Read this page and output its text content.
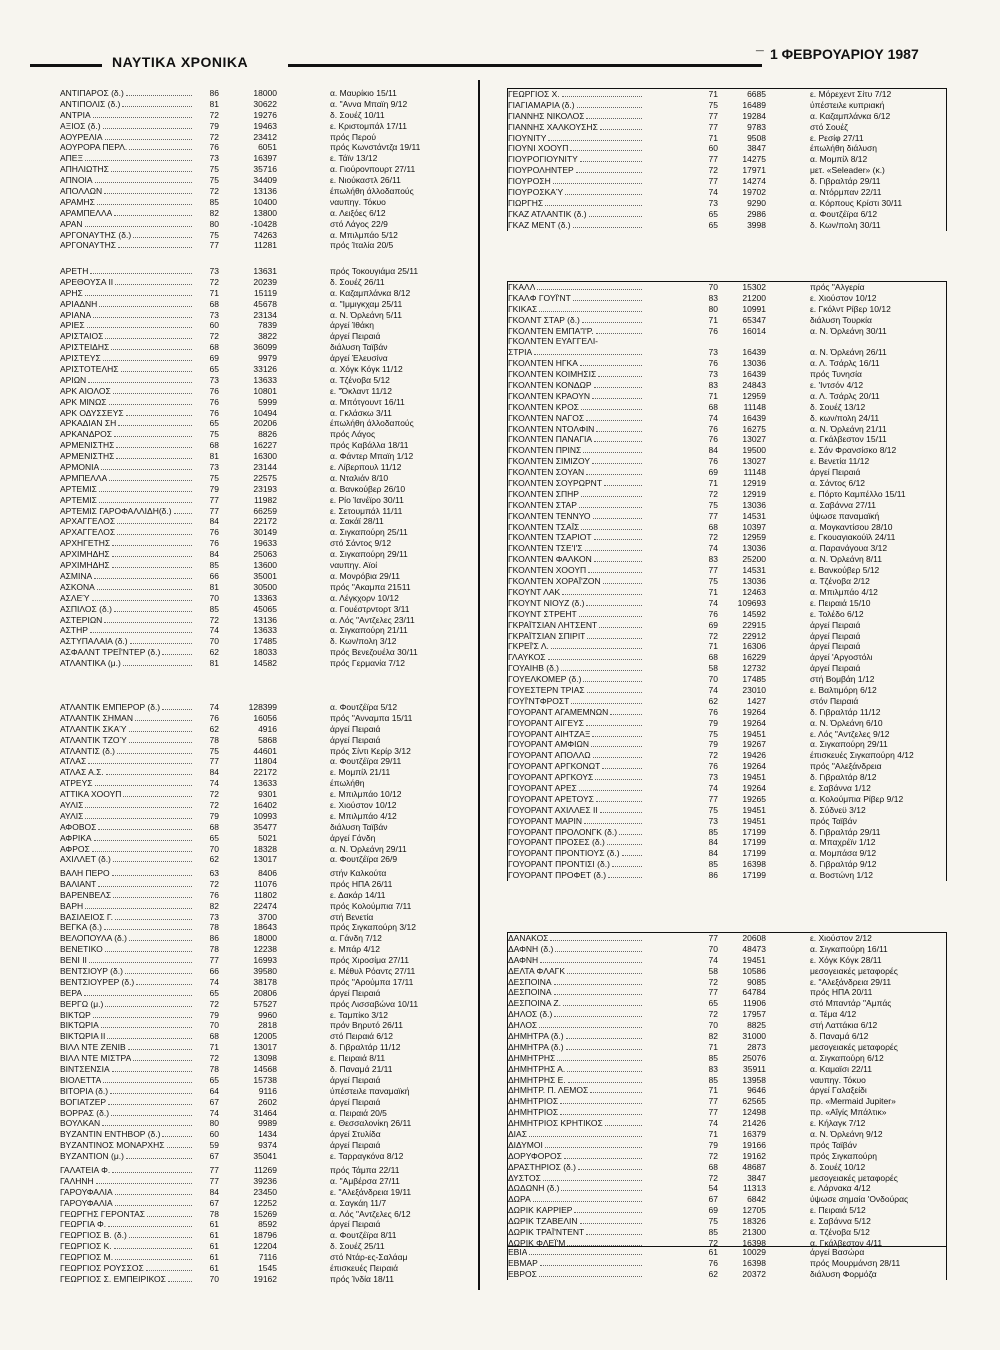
ΝΑΥΤΙΚΑ ΧΡΟΝΙΚΑ	¯ 1 ΦΕΒΡΟΥΑΡΙΟΥ 1987
ΑΝΤΙΠΑΡΟΣ (δ.)	86	18000	α. Μαυρίκιο 15/11
ΑΝΤΙΠΟΛΙΣ (δ.)	81	30622	α. "Αννα Μπαϊη 9/12
ΑΝΤΡΙΑ	72	19276	δ. Σουέζ 10/11
ΑΞΙΟΣ (δ.)	79	19463	ε. Κριστομπάλ 17/11
ΑΟΥΡΕΛΙΑ	72	23412	πρός Περού
ΑΟΥΡΟΡΑ ΠΕΡΛ.	76	6051	πρός Κωνστάντζα 19/11
ΑΠΕΞ	73	16397	ε. Τάϊν 13/12
ΑΠΗΛΙΩΤΗΣ	75	35716	α. Γιούρονπουρτ 27/11
ΑΠΝΟΙΑ	75	34409	ε. Νιούκαστλ 26/11
ΑΠΟΛΛΩΝ	72	13136	έπωλήθη άλλοδαπούς
ΑΡΑΜΗΣ	85	10400	ναυπηγ. Τόκυο
ΑΡΑΜΠΕΛΛΑ	82	13800	α. Λειξόες 6/12
ΑΡΑΝ	80	-10428	στό Λάγος 22/9
ΑΡΓΟΝΑΥΤΗΣ (δ.)	75	74263	α. Μπιλμπάο 5/12
ΑΡΓΟΝΑΥΤΗΣ	77	11281	πρός Ίταλία 20/5
ΑΡΕΤΗ	73	13631	πρός Τοκουγιάμα 25/11
ΑΡΕΘΟΥΣΑ ΙΙ	72	20239	δ. Σουέζ 26/11
ΑΡΗΣ	71	15119	α. Καζαμπλάνκα 8/12
ΑΡΙΑΔΝΗ	68	45678	α. "Ιμμιγκχαμ 25/11
ΑΡΙΑΝΑ	73	23134	α. Ν. Όρλεάνη 5/11
ΑΡΙΕΣ	60	7839	άργεί Ίθάκη
ΑΡΙΣΤΑΙΟΣ	72	3822	άργεί Πειραιά
ΑΡΙΣΤΕΙΔΗΣ	68	36099	διάλυση Ταϊβάν
ΑΡΙΣΤΕΥΣ	69	9979	άργεί Έλευσίνα
ΑΡΙΣΤΟΤΕΛΗΣ	65	33126	α. Χόγκ Κόγκ 11/12
ΑΡΙΩΝ	73	13633	α. Τζένοβα 5/12
ΑΡΚ ΑΙΟΛΟΣ	76	10801	ε. "Όκλαντ 11/12
ΑΡΚ ΜΙΝΩΣ	76	5999	α. Μπότγουντ 16/11
ΑΡΚ ΟΔΥΣΣΕΥΣ	76	10494	α. Γκλάσκω 3/11
ΑΡΚΑΔΙΑΝ ΣΗ	65	20206	έπωλήθη άλλοδαπούς
ΑΡΚΑΝΔΡΟΣ	75	8826	πρός Λάγος
ΑΡΜΕΝΙΣΤΗΣ	68	16227	πρός Καβάλλα 18/11
ΑΡΜΕΝΙΣΤΗΣ	81	16300	α. Φάντερ Μπαϊη 1/12
ΑΡΜΟΝΙΑ	73	23144	ε. Λίβερπουλ 11/12
ΑΡΜΠΕΛΛΑ	75	22575	α. Νταλιάν 8/10
ΑΡΤΕΜΙΣ	79	23193	α. Βανκούβερ 26/10
ΑΡΤΕΜΙΣ	77	11982	ε. Ρίο Ίανέϊρο 30/11
ΑΡΤΕΜΙΣ ΓΑΡΟΦΑΛΛΙΔΗ(δ.)	77	66259	ε. Σετουμπάλ 11/11
ΑΡΧΑΓΓΕΛΟΣ	84	22172	α. Σακάϊ 28/11
ΑΡΧΑΓΓΕΛΟΣ	76	30149	α. Σιγκαπούρη 25/11
ΑΡΧΗΓΕΤΗΣ	76	19633	στό Σάντος 9/12
ΑΡΧΙΜΗΔΗΣ	84	25063	α. Σιγκαπούρη 29/11
ΑΡΧΙΜΗΔΗΣ	85	13600	ναυπηγ. Αϊοί
ΑΣΜΙΝΑ	66	35001	α. Μονρόβια 29/11
ΑΣΚΟΝΑ	81	30500	πρός "Ακαμπα 21511
ΑΣΛΕΎ	70	13363	α. Λέγκχορν 10/12
ΑΣΠΙΛΟΣ (δ.)	85	45065	α. Γουέστρντορτ 3/11
ΑΣΤΕΡΙΩΝ	72	13136	α. Λός "Αντζελες 23/11
ΑΣΤΗΡ	74	13633	α. Σιγκαπούρη 21/11
ΑΣΤΥΠΑΛΑΙΑ (δ.)	70	17485	δ. Κων/πολη 3/12
ΑΣΦΑΛΝΤ ΤΡΕΪ'ΝΤΕΡ (δ.)	62	18033	πρός Βενεζουέλα 30/11
ΑΤΛΑΝΤΙΚΑ (μ.)	81	14582	πρός Γερμανία 7/12
ΑΤΛΑΝΤΙΚ ΕΜΠΕΡΟΡ (δ.)	74	128399	α. Φουτζέϊρα 5/12
ΑΤΛΑΝΤΙΚ ΣΗΜΑΝ	76	16056	πρός "Ανναμπα 15/11
ΑΤΛΑΝΤΙΚ ΣΚΑΎ	62	4916	άργεί Πειραιά
ΑΤΛΑΝΤΙΚ ΤΖΟΎ	78	5868	άργεί Πειραιά
ΑΤΛΑΝΤΙΣ (δ.)	75	44601	πρός Σίντι Κερίρ 3/12
ΑΤΛΑΣ	77	11804	α. Φουτζέϊρα 29/11
ΑΤΛΑΣ Α.Σ.	84	22172	ε. Μομπίλ 21/11
ΑΤΡΕΥΣ	74	13633	έπωλήθη
ΑΤΤΙΚΑ ΧΟΟΥΠ	72	9301	ε. Μπιλμπάο 10/12
ΑΥΛΙΣ	72	16402	ε. Χιούστον 10/12
ΑΥΛΙΣ	79	10993	ε. Μπιλμπάο 4/12
ΑΦΟΒΟΣ	68	35477	διάλυση Ταϊβάν
ΑΦΡΙΚΑ	65	5021	άργεί Γάνδη
ΑΦΡΟΣ	70	18328	α. Ν. Όρλεάνη 29/11
ΑΧΙΛΛΕΤ (δ.)	62	13017	α. Φουτζέϊρα 26/9
ΒΑΛΗ ΠΕΡΟ	63	8406	στήν Καλκούτα
ΒΑΛΙΑΝΤ	72	11076	πρός ΗΠΑ 26/11
ΒΑΡΕΝΒΕΛΣ	76	11802	ε. Δακάρ 14/11
ΒΑΡΗ	82	22474	πρός Κολούμπια 7/11
ΒΑΣΙΛΕΙΟΣ Γ.	73	3700	στή Βενετία
ΒΕΓΚΑ (δ.)	78	18643	πρός Σιγκαπούρη 3/12
ΒΕΛΟΠΟΥΛΑ (δ.)	86	18000	α. Γάνδη 7/12
ΒΕΝΕΤΙΚΟ	78	12238	ε. Μπάρ 4/12
ΒΕΝΙ ΙΙ	77	16993	πρός Χιροσίμα 27/11
ΒΕΝΤΣΙΟΥΡ (δ.)	66	39580	ε. Μέθυλ Ρόαντς 27/11
ΒΕΝΤΣΙΟΥΡΕΡ (δ.)	74	38178	πρός "Αρούμπα 17/11
ΒΕΡΑ	65	20806	άργεί Πειραιά
ΒΕΡΓΩ (μ.)	72	57527	πρός Λισσαβώνα 10/11
ΒΙΚΤΩΡ	79	9960	ε. Ταμπίκο 3/12
ΒΙΚΤΩΡΙΑ	70	2818	πρόν Βηρυτό 26/11
ΒΙΚΤΩΡΙΑ ΙΙ	68	12005	στό Πειραιά 6/12
ΒΙΛΛ ΝΤΕ ΖΕΝΙΒ	71	13017	δ. Γιβραλτάρ 11/12
ΒΙΛΛ ΝΤΕ ΜΙΣΤΡΑ	72	13098	ε. Πειραιά 8/11
ΒΙΝΤΣΕΝΣΙΑ	78	14568	δ. Παναμά 21/11
ΒΙΟΛΕΤΤΑ	65	15738	άργεί Πειραιά
ΒΙΤΟΡΙΑ (δ.)	64	9116	ύπέστειλε παναμαϊκή
ΒΟΓΙΑΤΖΕΡ	67	2602	άργεί Πειραιά
ΒΟΡΡΑΣ (δ.)	74	31464	α. Πειραιά 20/5
ΒΟΥΛΚΑΝ	80	9989	ε. Θεσσαλονίκη 26/11
ΒΥΖΑΝΤΙΝ ΕΝΤΗΒΟΡ (δ.)	60	1434	άργεί Στυλίδα
ΒΥΖΑΝΤΙΝΟΣ ΜΟΝΑΡΧΗΣ	59	9374	άργεί Πειραιά
ΒΥΖΑΝΤΙΟΝ (μ.)	67	35041	ε. Ταρραγκόνα 8/12
ΓΑΛΑΤΕΙΑ Φ.	77	11269	πρός Τάμπα 22/11
ΓΑΛΗΝΗ	77	39236	α. "Αμβέρσα 27/11
ΓΑΡΟΥΦΑΛΙΑ	84	23450	ε. "Αλεξάνδρεια 19/11
ΓΑΡΟΥΦΑΛΙΑ	67	12252	α. Σαγκάη 11/7
ΓΕΩΡΓΗΣ ΓΕΡΟΝΤΑΣ	78	15269	α. Λός "Αντζελες 6/12
ΓΕΩΡΓΙΑ Φ.	61	8592	άργεί Πειραιά
ΓΕΩΡΓΙΟΣ Β. (δ.)	61	18796	α. Φουτζέϊρα 8/11
ΓΕΩΡΓΙΟΣ Κ.	61	12204	δ. Σουέζ 25/11
ΓΕΩΡΓΙΟΣ Μ.	61	7116	στό Ντάρ-ες-Σαλάαμ
ΓΕΩΡΓΙΟΣ ΡΟΥΣΣΟΣ	61	1545	έπισκευές Πειραιά
ΓΕΩΡΓΙΟΣ Σ. ΕΜΠΕΙΡΙΚΟΣ	70	19162	πρός Ίνδία 18/11
ΓΕΩΡΓΙΟΣ Χ.	71	6685	ε. Μόρεχεντ Σίτυ 7/12
ΓΙΑΓΙΑΜΑΡΙΑ (δ.)	75	16489	ύπέστειλε κυπριακή
ΓΙΑΝΝΗΣ ΝΙΚΟΛΟΣ	77	19284	α. Καζαμπλάνκα 6/12
ΓΙΑΝΝΗΣ ΧΑΛΚΟΥΣΗΣ	77	9783	στό Σουέζ
ΓΙΟΥΝΙΤΥ	71	9508	ε. Ρεσίφ 27/11
ΓΙΟΥΝΙ ΧΟΟΥΠ	60	3847	έπωλήθη διάλυση
ΓΙΟΥΡΟΓΙΟΥΝΙΤΥ	77	14275	α. Μομπίλ 8/12
ΓΙΟΥΡΟΛΗΝΤΕΡ	72	17971	μετ. «Seleader» (κ.)
ΓΙΟΥΡΟΣΗ	77	14274	δ. Γιβραλτάρ 29/11
ΓΙΟΥΡΟΣΚΑΎ	74	19702	α. Ντόρμπαν 22/11
ΓΙΩΡΓΗΣ	73	9290	α. Κόρπους Κρίστι 30/11
ΓΚΑΖ ΑΤΛΑΝΤΙΚ (δ.)	65	2986	α. Φουτζέϊρα 6/12
ΓΚΑΖ ΜΕΝΤ (δ.)	65	3998	δ. Κων/πολη 30/11
ΓΚΑΛΛ	70	15302	πρός "Αλγερία
ΓΚΑΛΦ ΓΟΥΪ'ΝΤ	83	21200	ε. Χιούστον 10/12
ΓΚΙΚΑΣ	80	10991	ε. Γκόλντ Ρίβερ 10/12
ΓΚΟΛΝΤ ΣΤΑΡ (δ.)	71	65347	διάλυση Τουρκία
ΓΚΟΛΝΤΕΝ ΕΜΠΑ'Ί'Ρ.	76	16014	α. Ν. Όρλεάνη 30/11
ΓΚΟΛΝΤΕΝ ΕΥΑΓΓΕΛΙ-
ΣΤΡΙΑ	73	16439	α. Ν. Όρλεάνη 26/11
ΓΚΟΛΝΤΕΝ ΗΓΚΑ	76	13036	α. Λ. Τσάρλς 16/11
ΓΚΟΛΝΤΕΝ ΚΟΙΜΗΣΙΣ	73	16439	πρός Τυνησία
ΓΚΟΛΝΤΕΝ ΚΟΝΔΩΡ	83	24843	ε. 'Ιντσόν 4/12
ΓΚΟΛΝΤΕΝ ΚΡΑΟΥΝ	71	12959	α. Λ. Τσάρλς 20/11
ΓΚΟΛΝΤΕΝ ΚΡΟΣ	68	11148	δ. Σουέζ 13/12
ΓΚΟΛΝΤΕΝ ΝΑΓΟΣ	74	16439	δ. κων/πολη 24/11
ΓΚΟΛΝΤΕΝ ΝΤΟΛΦΙΝ	76	16275	α. Ν. Όρλεάνη 21/11
ΓΚΟΛΝΤΕΝ ΠΑΝΑΓΙΑ	76	13027	α. Γκάλβεστον 15/11
ΓΚΟΛΝΤΕΝ ΠΡΙΝΣ	84	19500	ε. Σάν Φρανσίσκο 8/12
ΓΚΟΛΝΤΕΝ ΣΙΜΙΖΟΥ	76	13027	ε. Βενετία 11/12
ΓΚΟΛΝΤΕΝ ΣΟΥΑΝ	69	11148	άργεί Πειραιά
ΓΚΟΛΝΤΕΝ ΣΟΥΡΩΡΝΤ	71	12919	α. Σάντος 6/12
ΓΚΟΛΝΤΕΝ ΣΠΗΡ	72	12919	ε. Πόρτο Καμπέλλο 15/11
ΓΚΟΛΝΤΕΝ ΣΤΑΡ	75	13036	α. Σαβάννα 27/11
ΓΚΟΛΝΤΕΝ ΤΕΝΝΥΟ	77	14531	ύψωσε παναμαϊκή
ΓΚΟΛΝΤΕΝ ΤΣΑΪΣ	68	10397	α. Μογκαντίσου 28/10
ΓΚΟΛΝΤΕΝ ΤΣΑΡΙΟΤ	72	12959	ε. Γκουαγιακούϊλ 24/11
ΓΚΟΛΝΤΕΝ ΤΣΕ'Ι'Σ	74	13036	α. Παρανάγουα 3/12
ΓΚΟΛΝΤΕΝ ΦΑΛΚΟΝ	83	25200	α. Ν. Όρλεάνη 8/11
ΓΚΟΛΝΤΕΝ ΧΟΟΥΠ	77	14531	ε. Βανκούβερ 5/12
ΓΚΟΛΝΤΕΝ ΧΟΡΑΪ'ΖΟΝ	75	13036	α. Τζένοβα 2/12
ΓΚΟΥΝΤ ΛΑΚ	71	12463	α. Μπιλμπάο 4/12
ΓΚΟΥΝΤ ΝΙΟΥΖ (δ.)	74 109693	ε. Πειραιά 15/10
ΓΚΟΥΝΤ ΣΤΡΕΗΤ	76	14592	ε. Τολέδο 6/12
ΓΚΡΑΪΤΣΙΑΝ ΛΗΤΣΕΝΤ	69	22915	άργεί Πειραιά
ΓΚΡΑΪΤΣΙΑΝ ΣΠΙΡΙΤ	72	22912	άργεί Πειραιά
ΓΚΡΕΪ'Σ Λ.	71	16306	άργεί Πειραιά
ΓΛΑΥΚΟΣ	68	16229	άργεί 'Αργοστόλι
ΓΟΥΑΙΗΒ (δ.)	58	12732	άργεί Πειραιά
ΓΟΥΕΛΚΟΜΕΡ (δ.)	70	17485	στή Βομβάη 1/12
ΓΟΥΕΣΤΕΡΝ ΤΡΙΑΣ	74	23010	ε. Βαλτιμόρη 6/12
ΓΟΥΪ'ΝΤΦΡΟΣΤ	62	1427	στόν Πειραιά
ΓΟΥΟΡΑΝΤ ΑΓΑΜΕΜΝΩΝ	76	19264	δ. Γιβραλτάρ 11/12
ΓΟΥΟΡΑΝΤ ΑΙΓΕΥΣ	79	19264	α. Ν. Όρλεάνη 6/10
ΓΟΥΟΡΑΝΤ ΑΙΗΤΖΑΞ	75	19451	ε. Λός "Αντζελες 9/12
ΓΟΥΟΡΑΝΤ ΑΜΦΙΩΝ	79	19267	α. Σιγκαπούρη 29/11
ΓΟΥΟΡΑΝΤ ΑΠΟΛΛΩ	72	19426	έπισκευές Σιγκαπούρη 4/12
ΓΟΥΟΡΑΝΤ ΑΡΓΚΟΝΩΤ	76	19264	πρός "Αλεξάνδρεια
ΓΟΥΟΡΑΝΤ ΑΡΓΚΟΥΣ	73	19451	δ. Γιβραλτάρ 8/12
ΓΟΥΟΡΑΝΤ ΑΡΕΣ	74	19264	ε. Σαβάννα 1/12
ΓΟΥΟΡΑΝΤ ΑΡΕΤΟΥΣ	77	19265	α. Κολούμπια Ρίβερ 9/12
ΓΟΥΟΡΑΝΤ ΑΧΙΛΛΕΣ ΙΙ	75	19451	δ. Σύδνεϋ 3/12
ΓΟΥΟΡΑΝΤ ΜΑΡΙΝ	73	19451	πρός Ταϊβάν
ΓΟΥΟΡΑΝΤ ΠΡΟΛΟΝΓΚ (δ.)	85	17199	δ. Γιβραλτάρ 29/11
ΓΟΥΟΡΑΝΤ ΠΡΟΣΕΣ (δ.)	84	17199	α. Μπαχρέϊν 1/12
ΓΟΥΟΡΑΝΤ ΠΡΟΝΤΙΟΥΣ (δ.)	84	17199	α. Μομπάσα 9/12
ΓΟΥΟΡΑΝΤ ΠΡΟΝΤΙΣΙ (δ.)	85	16398	δ. Γιβραλτάρ 9/12
ΓΟΥΟΡΑΝΤ ΠΡΟΦΕΤ (δ.)	86	17199	α. Βοστώνη 1/12
ΔΑΝΑΚΟΣ	77	20608	ε. Χιούστον 2/12
ΔΑΦΝΗ (δ.)	70	48473	α. Σιγκαπούρη 16/11
ΔΑΦΝΗ	74	19451	ε. Χόγκ Κόγκ 28/11
ΔΕΛΤΑ ΦΛΑΓΚ	58	10586	μεσογειακές μεταφορές
ΔΕΣΠΟΙΝΑ	72	9085	ε. "Αλεξάνδρεια 29/11
ΔΕΣΠΟΙΝΑ	77	64784	πρός ΗΠΑ 20/11
ΔΕΣΠΟΙΝΑ Ζ.	65	11906	στό Μπαντάρ "Αμπάς
ΔΗΛΟΣ (δ.)	72	17957	α. Τέμα 4/12
ΔΗΛΟΣ	70	8825	στή Λαττάκια 6/12
ΔΗΜΗΤΡΑ (δ.)	82	31000	δ. Παναμά 6/12
ΔΗΜΗΤΡΑ (δ.)	71	2873	μεσογειακές μεταφορές
ΔΗΜΗΤΡΗΣ	85	25076	α. Σιγκαπούρη 6/12
ΔΗΜΗΤΡΗΣ Α.	83	35911	α. Καμαϊσι 22/11
ΔΗΜΗΤΡΗΣ Ε.	85	13958	ναυπηγ. Τόκυο
ΔΗΜΗΤΡ. Π. ΛΕΜΟΣ	71	9646	άργεί Γαλαξείδι
ΔΗΜΗΤΡΙΟΣ	77	62565	πρ. «Mermaid Jupiter»
ΔΗΜΗΤΡΙΟΣ	77	12498	πρ. «Αΐγίς Μπάλτικ»
ΔΗΜΗΤΡΙΟΣ ΚΡΗΤΙΚΟΣ	74	21426	ε. Κήλαγκ 7/12
ΔΙΑΣ	71	16379	α. Ν. Όρλεάνη 9/12
ΔΙΔΥΜΟΙ	79	19166	πρός Ταϊβάν
ΔΟΡΥΦΟΡΟΣ	72	19162	πρός Σιγκαπούρη
ΔΡΑΣΤΗΡΙΟΣ (δ.)	68	48687	δ. Σουέζ 10/12
ΔΥΣΤΟΣ	72	3847	μεσογειακές μεταφορές
ΔΩΔΩΝΗ (δ.)	54	11313	ε. Λάρνακα 4/12
ΔΩΡΑ	67	6842	ύψωσε σημαία 'Ονδούρας
ΔΩΡΙΚ ΚΑΡΡΙΕΡ	69	12705	ε. Πειραιά 5/12
ΔΩΡΙΚ ΤΖΑΒΕΛΙΝ	75	18326	ε. Σαβάννα 5/12
ΔΩΡΙΚ ΤΡΑΪ'ΝΤΕΝΤ	85	21300	α. Τζένοβα 5/12
ΔΩΡΙΚ ΦΛΕΪ'Μ	72	16398	α. Γκάλβεστον 4/11
ΕΒΙΑ	61	10029	άργεί Βασώρα
ΕΒΜΑΡ	76	16398	πρός Μουρμάνση 28/11
ΕΒΡΟΣ	62	20372	διάλυση Φορμόζα
